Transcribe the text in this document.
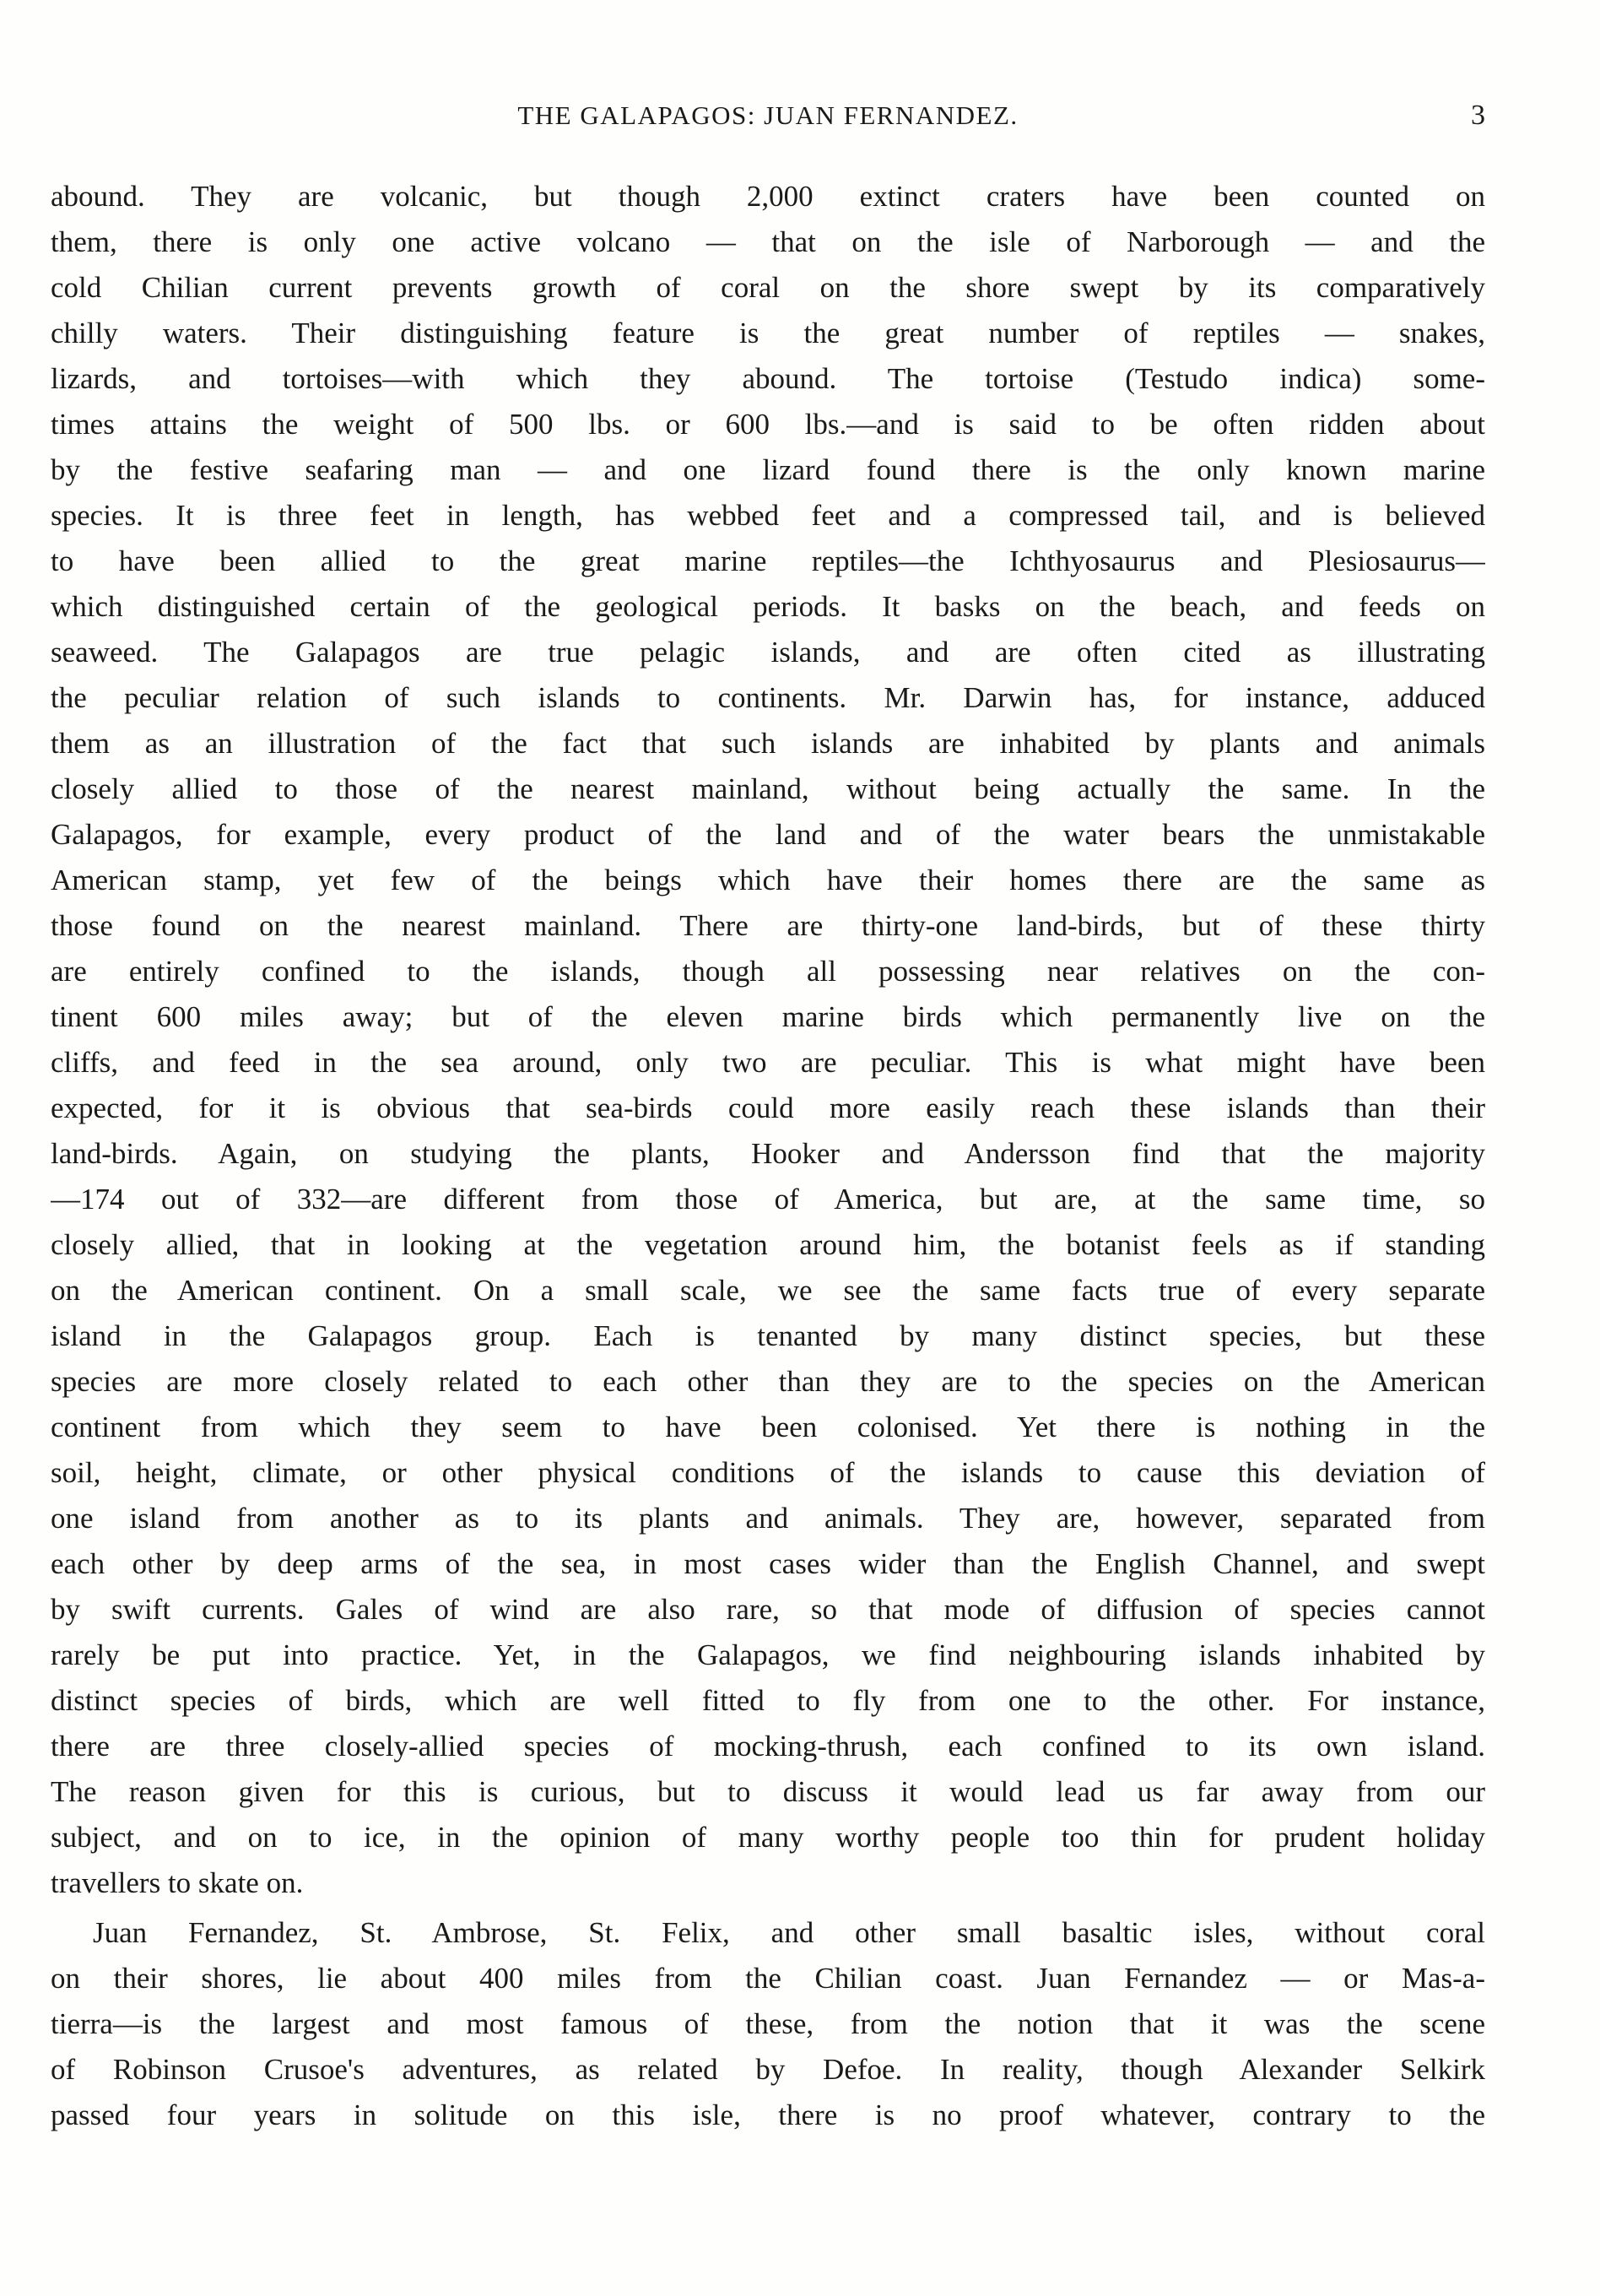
THE GALAPAGOS: JUAN FERNANDEZ.	3
abound. They are volcanic, but though 2,000 extinct craters have been counted on
them, there is only one active volcano — that on the isle of Narborough — and the
cold Chilian current prevents growth of coral on the shore swept by its comparatively
chilly waters. Their distinguishing feature is the great number of reptiles — snakes,
lizards, and tortoises—with which they abound. The tortoise (Testudo indica) some-
times attains the weight of 500 lbs. or 600 lbs.—and is said to be often ridden about
by the festive seafaring man — and one lizard found there is the only known marine
species. It is three feet in length, has webbed feet and a compressed tail, and is believed
to have been allied to the great marine reptiles—the Ichthyosaurus and Plesiosaurus—
which distinguished certain of the geological periods. It basks on the beach, and feeds on
seaweed. The Galapagos are true pelagic islands, and are often cited as illustrating
the peculiar relation of such islands to continents. Mr. Darwin has, for instance, adduced
them as an illustration of the fact that such islands are inhabited by plants and animals
closely allied to those of the nearest mainland, without being actually the same. In the
Galapagos, for example, every product of the land and of the water bears the unmistakable
American stamp, yet few of the beings which have their homes there are the same as
those found on the nearest mainland. There are thirty-one land-birds, but of these thirty
are entirely confined to the islands, though all possessing near relatives on the con-
tinent 600 miles away; but of the eleven marine birds which permanently live on the
cliffs, and feed in the sea around, only two are peculiar. This is what might have been
expected, for it is obvious that sea-birds could more easily reach these islands than their
land-birds. Again, on studying the plants, Hooker and Andersson find that the majority
—174 out of 332—are different from those of America, but are, at the same time, so
closely allied, that in looking at the vegetation around him, the botanist feels as if standing
on the American continent. On a small scale, we see the same facts true of every separate
island in the Galapagos group. Each is tenanted by many distinct species, but these
species are more closely related to each other than they are to the species on the American
continent from which they seem to have been colonised. Yet there is nothing in the
soil, height, climate, or other physical conditions of the islands to cause this deviation of
one island from another as to its plants and animals. They are, however, separated from
each other by deep arms of the sea, in most cases wider than the English Channel, and swept
by swift currents. Gales of wind are also rare, so that mode of diffusion of species cannot
rarely be put into practice. Yet, in the Galapagos, we find neighbouring islands inhabited by
distinct species of birds, which are well fitted to fly from one to the other. For instance,
there are three closely-allied species of mocking-thrush, each confined to its own island.
The reason given for this is curious, but to discuss it would lead us far away from our
subject, and on to ice, in the opinion of many worthy people too thin for prudent holiday
travellers to skate on.
Juan Fernandez, St. Ambrose, St. Felix, and other small basaltic isles, without coral
on their shores, lie about 400 miles from the Chilian coast. Juan Fernandez — or Mas-a-
tierra—is the largest and most famous of these, from the notion that it was the scene
of Robinson Crusoe's adventures, as related by Defoe. In reality, though Alexander Selkirk
passed four years in solitude on this isle, there is no proof whatever, contrary to the
